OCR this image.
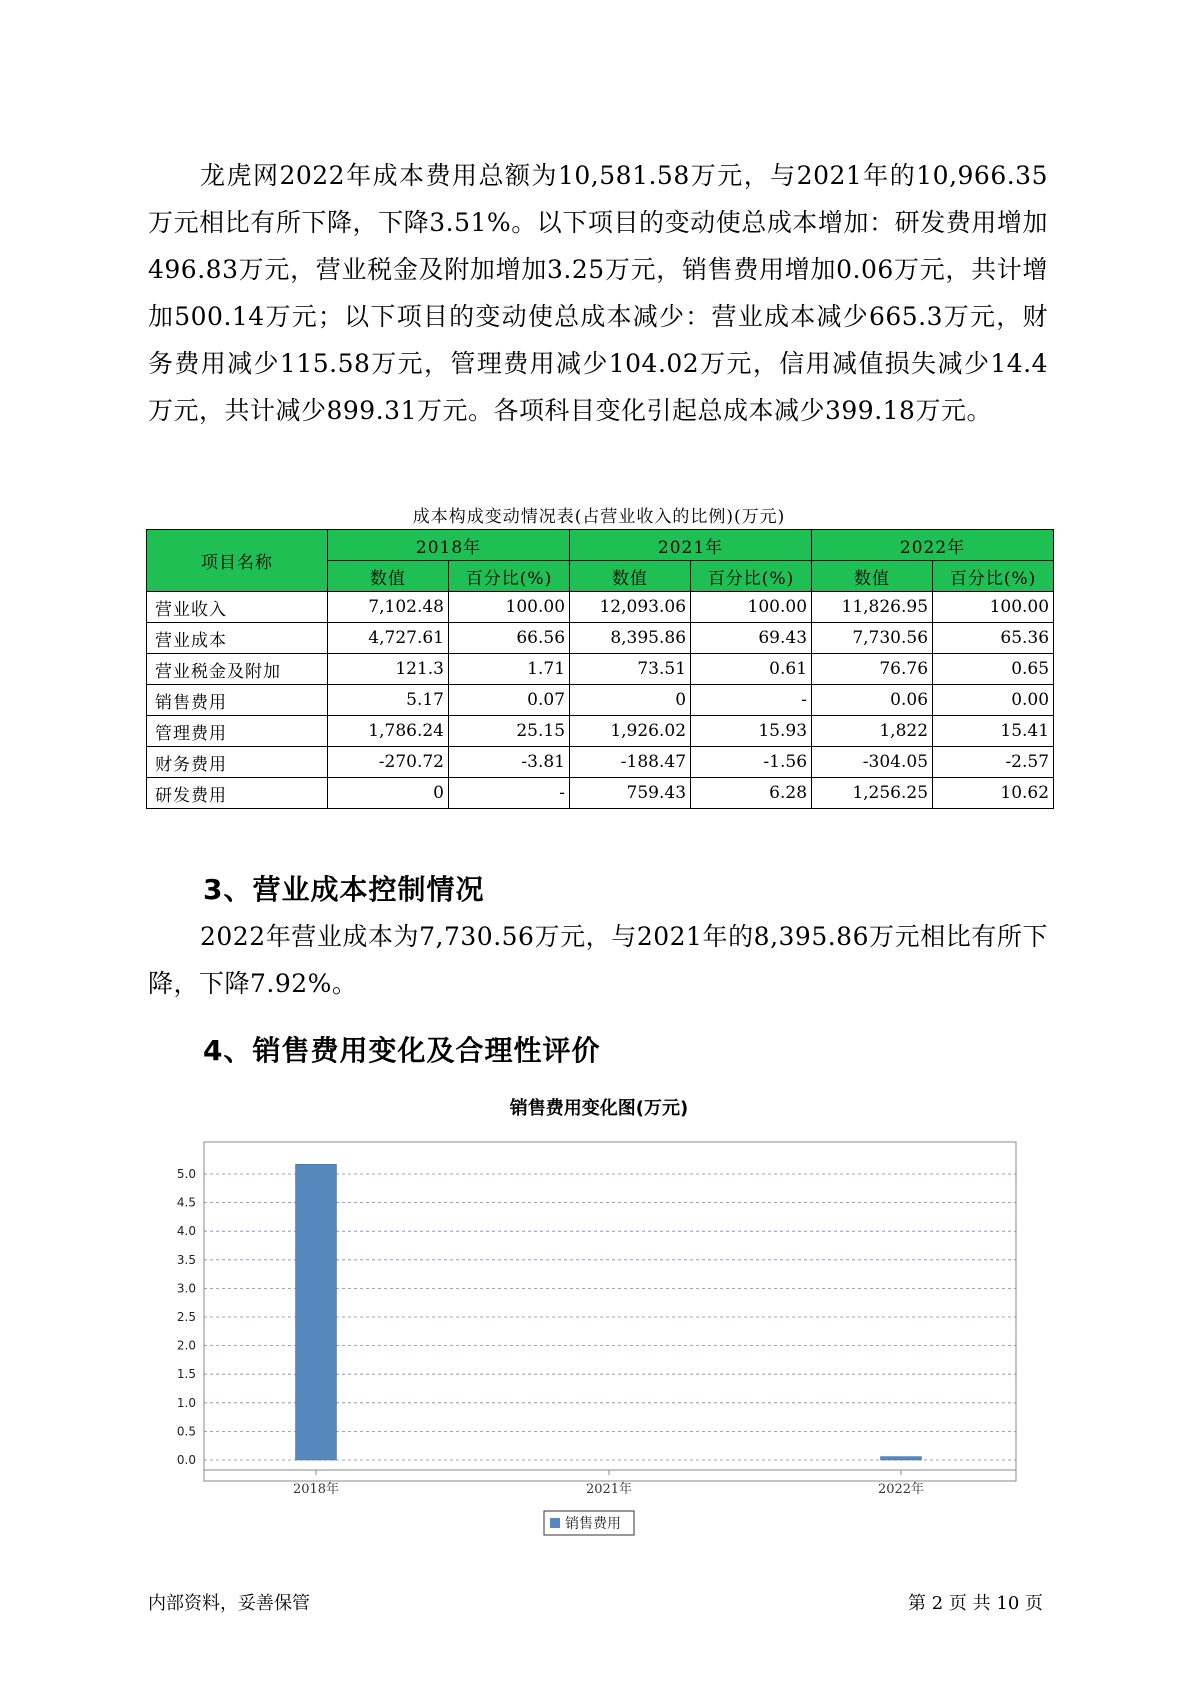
龙虎网2022年成本费用总额为10,581.58万元，与2021年的10,966.35万元相比有所下降，下降3.51%。以下项目的变动使总成本增加：研发费用增加496.83万元，营业税金及附加增加3.25万元，销售费用增加0.06万元，共计增加500.14万元；以下项目的变动使总成本减少：营业成本减少665.3万元，财务费用减少115.58万元，管理费用减少104.02万元，信用减值损失减少14.4万元，共计减少899.31万元。各项科目变化引起总成本减少399.18万元。

成本构成变动情况表(占营业收入的比例)(万元)
项目名称	2018年		2021年		2022年	
	数值	百分比(%)	数值	百分比(%)	数值	百分比(%)
营业收入	7,102.48	100.00	12,093.06	100.00	11,826.95	100.00
营业成本	4,727.61	66.56	8,395.86	69.43	7,730.56	65.36
营业税金及附加	121.3	1.71	73.51	0.61	76.76	0.65
销售费用	5.17	0.07	0	-	0.06	0.00
管理费用	1,786.24	25.15	1,926.02	15.93	1,822	15.41
财务费用	-270.72	-3.81	-188.47	-1.56	-304.05	-2.57
研发费用	0	-	759.43	6.28	1,256.25	10.62
3、营业成本控制情况

2022年营业成本为7,730.56万元，与2021年的8,395.86万元相比有所下降，下降7.92%。

4、销售费用变化及合理性评价
销售费用变化图(万元)
0.0
0.5
1.0
1.5
2.0
2.5
3.0
3.5
4.0
4.5
5.0
2018年	2021年	2022年
销售费用
内部资料，妥善保管	第 2 页 共 10 页
